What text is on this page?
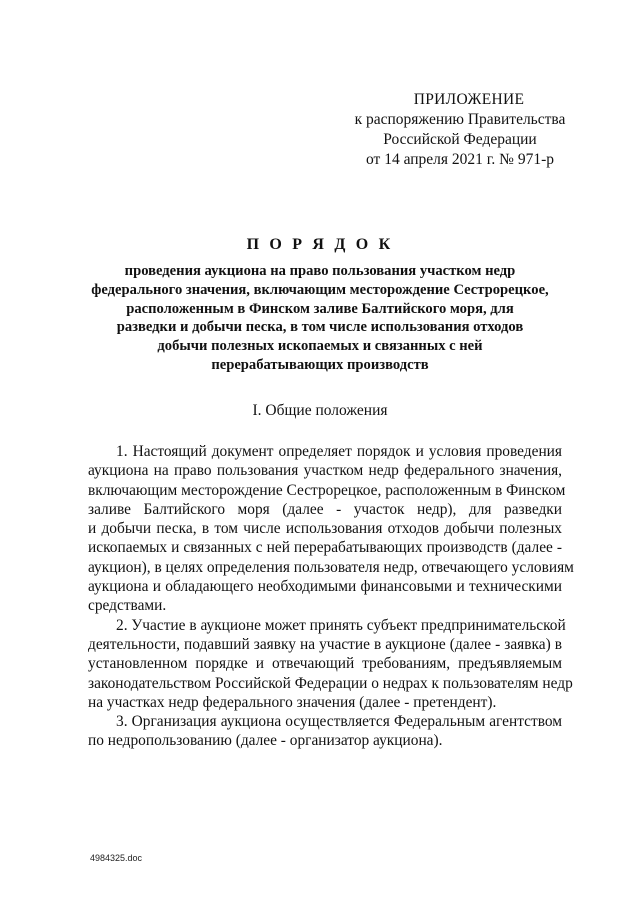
ПРИЛОЖЕНИЕ
к распоряжению Правительства
Российской Федерации
от 14 апреля 2021 г. № 971-р
П О Р Я Д О К
проведения аукциона на право пользования участком недр
федерального значения, включающим месторождение Сестрорецкое,
расположенным в Финском заливе Балтийского моря, для
разведки и добычи песка, в том числе использования отходов
добычи полезных ископаемых и связанных с ней
перерабатывающих производств
I. Общие положения

1. Настоящий документ определяет порядок и условия проведения
аукциона на право пользования участком недр федерального значения,
включающим месторождение Сестрорецкое, расположенным в Финском
заливе Балтийского моря (далее - участок недр), для разведки
и добычи песка, в том числе использования отходов добычи полезных
ископаемых и связанных с ней перерабатывающих производств (далее -
аукцион), в целях определения пользователя недр, отвечающего условиям
аукциона и обладающего необходимыми финансовыми и техническими
средствами.

2. Участие в аукционе может принять субъект предпринимательской
деятельности, подавший заявку на участие в аукционе (далее - заявка) в
установленном порядке и отвечающий требованиям, предъявляемым
законодательством Российской Федерации о недрах к пользователям недр
на участках недр федерального значения (далее - претендент).

3. Организация аукциона осуществляется Федеральным агентством
по недропользованию (далее - организатор аукциона).

4984325.doc
